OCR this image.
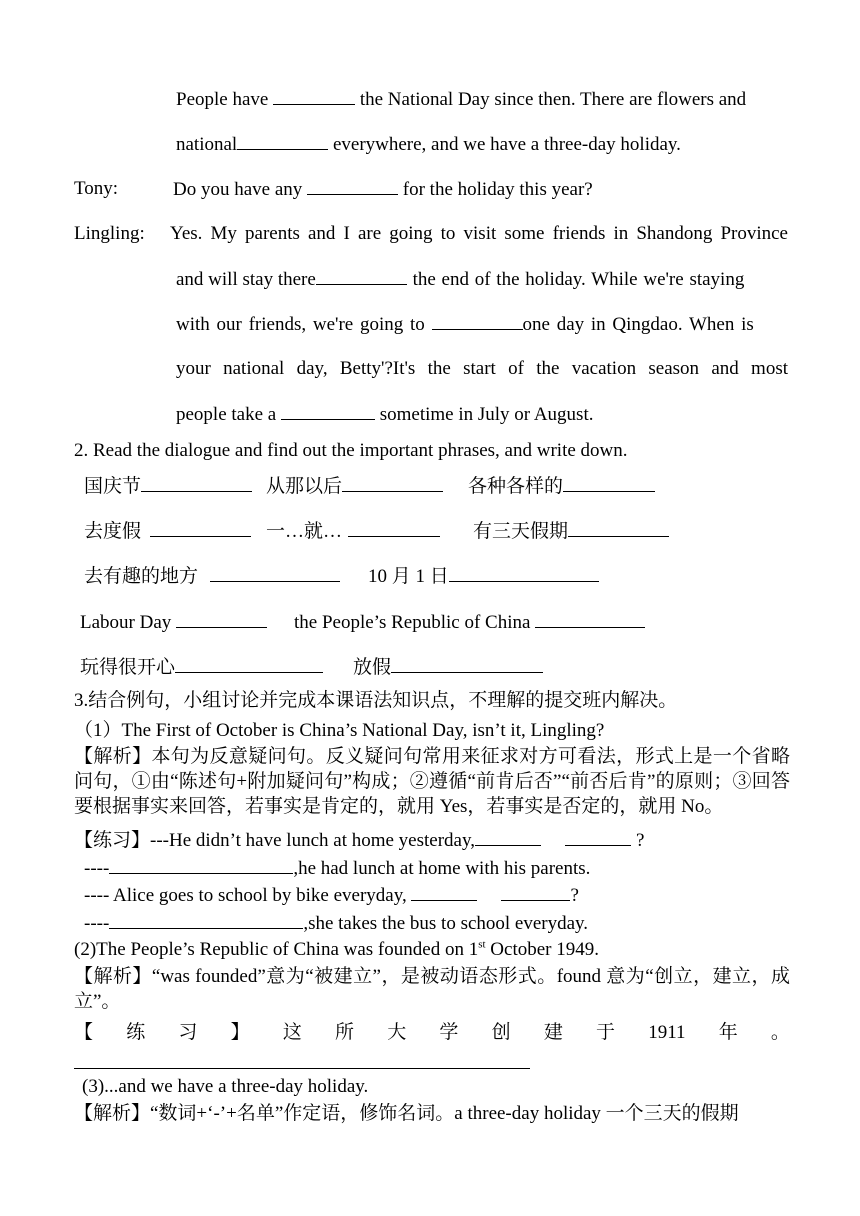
People have	the National Day since then. There are flowers and
national	everywhere, and we have a three-day holiday.
Tony:	Do you have any	for the holiday this year?
Lingling: Yes. My parents and I are going to visit some friends in Shandong Province
and will stay there	the end of the holiday. While we're staying
with our friends, we're going to	one day in Qingdao. When is
your national day, Betty'?It's the start of the vacation season and most
people take a	sometime in July or August.
2. Read the dialogue and find out the important phrases, and write down.
国庆节	从那以后	各种各样的
去度假	一…就…	有三天假期
去有趣的地方	10 月 1 日
Labour Day	the People’s Republic of China
玩得很开心	放假
3.结合例句，小组讨论并完成本课语法知识点，不理解的提交班内解决。
（1）The First of October is China’s National Day, isn’t it, Lingling?
【解析】本句为反意疑问句。反义疑问句常用来征求对方可看法，形式上是一个省略问句，①由“陈述句+附加疑问句”构成；②遵循“前肯后否”“前否后肯”的原则；③回答要根据事实来回答，若事实是肯定的，就用 Yes，若事实是否定的，就用 No。
【练习】---He didn’t have lunch at home yesterday,	?
----	,he had lunch at home with his parents.
---- Alice goes to school by bike everyday,	?
----	,she takes the bus to school everyday.
(2)The People’s Republic of China was founded on 1st October 1949.
【解析】“was founded”意为“被建立”，是被动语态形式。found 意为“创立，建立，成立”。
【 练 习 】 这 所 大 学 创 建 于 1911 年 。
(3)...and we have a three-day holiday.
【解析】“数词+‘-’+名单”作定语，修饰名词。a three-day holiday 一个三天的假期
